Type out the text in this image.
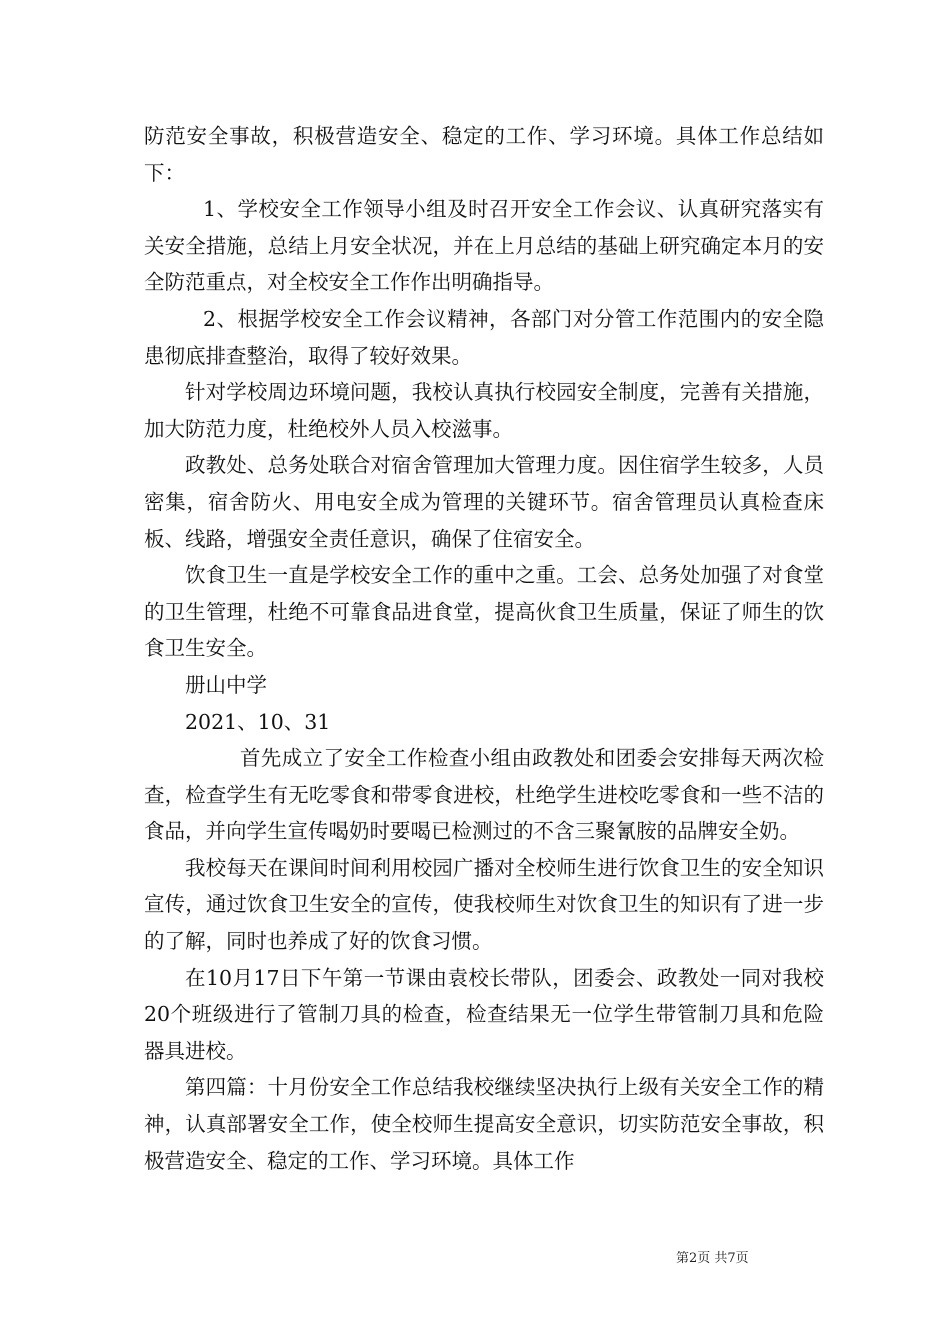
防范安全事故，积极营造安全、稳定的工作、学习环境。具体工作总结如下：

1、学校安全工作领导小组及时召开安全工作会议、认真研究落实有关安全措施，总结上月安全状况，并在上月总结的基础上研究确定本月的安全防范重点，对全校安全工作作出明确指导。

2、根据学校安全工作会议精神，各部门对分管工作范围内的安全隐患彻底排查整治，取得了较好效果。

针对学校周边环境问题，我校认真执行校园安全制度，完善有关措施，加大防范力度，杜绝校外人员入校滋事。

政教处、总务处联合对宿舍管理加大管理力度。因住宿学生较多，人员密集，宿舍防火、用电安全成为管理的关键环节。宿舍管理员认真检查床板、线路，增强安全责任意识，确保了住宿安全。

饮食卫生一直是学校安全工作的重中之重。工会、总务处加强了对食堂的卫生管理，杜绝不可靠食品进食堂，提高伙食卫生质量，保证了师生的饮食卫生安全。

册山中学

2021、10、31

首先成立了安全工作检查小组由政教处和团委会安排每天两次检查，检查学生有无吃零食和带零食进校，杜绝学生进校吃零食和一些不洁的食品，并向学生宣传喝奶时要喝已检测过的不含三聚氰胺的品牌安全奶。

我校每天在课间时间利用校园广播对全校师生进行饮食卫生的安全知识宣传，通过饮食卫生安全的宣传，使我校师生对饮食卫生的知识有了进一步的了解，同时也养成了好的饮食习惯。

在10月17日下午第一节课由袁校长带队，团委会、政教处一同对我校20个班级进行了管制刀具的检查，检查结果无一位学生带管制刀具和危险器具进校。

第四篇：十月份安全工作总结我校继续坚决执行上级有关安全工作的精神，认真部署安全工作，使全校师生提高安全意识，切实防范安全事故，积极营造安全、稳定的工作、学习环境。具体工作

第2页 共7页
